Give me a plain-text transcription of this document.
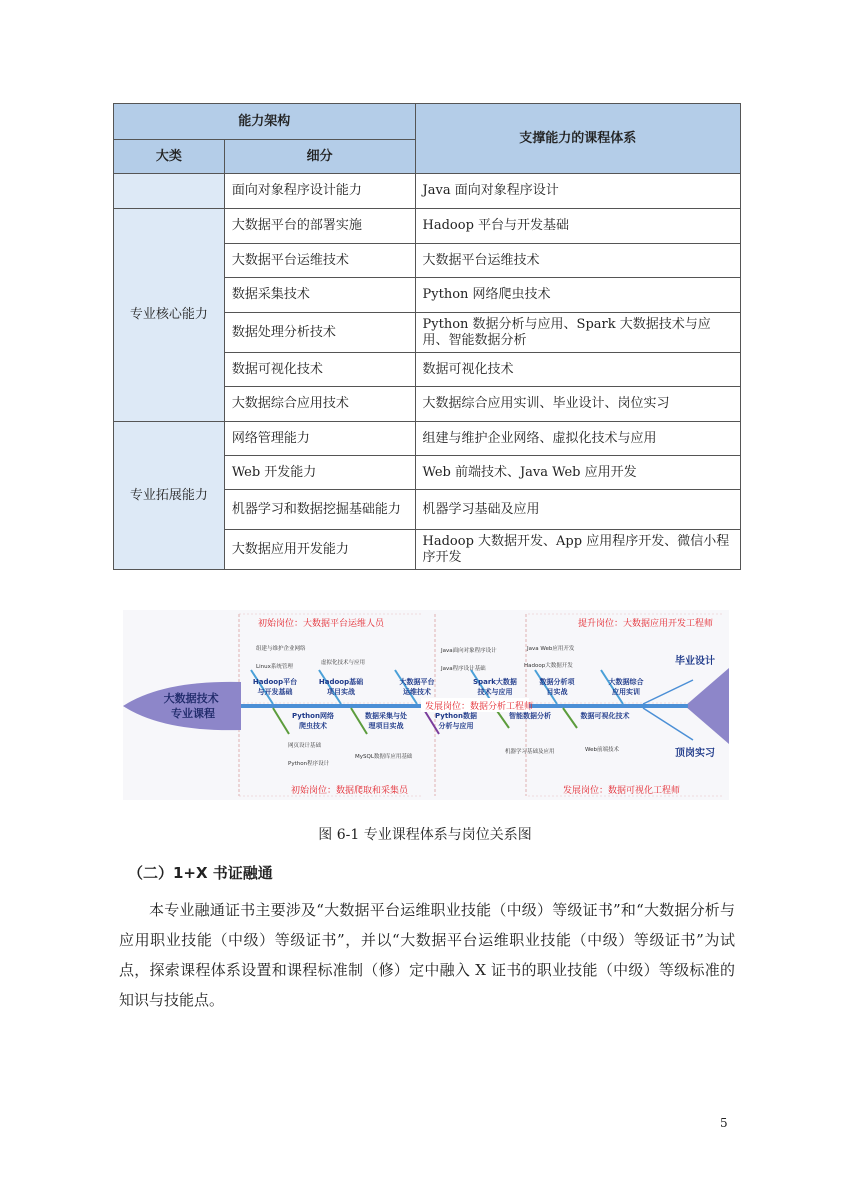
能力架构		支撑能力的课程体系
大类	细分	
	面向对象程序设计能力	Java 面向对象程序设计
专业核心能力	大数据平台的部署实施	Hadoop 平台与开发基础
	大数据平台运维技术	大数据平台运维技术
	数据采集技术	Python 网络爬虫技术
	数据处理分析技术	Python 数据分析与应用、Spark 大数据技术与应用、智能数据分析
	数据可视化技术	数据可视化技术
	大数据综合应用技术	大数据综合应用实训、毕业设计、岗位实习
专业拓展能力	网络管理能力	组建与维护企业网络、虚拟化技术与应用
	Web 开发能力	Web 前端技术、Java Web 应用开发
	机器学习和数据挖掘基础能力	机器学习基础及应用
	大数据应用开发能力	Hadoop 大数据开发、App 应用程序开发、微信小程序开发
大数据技术 专业课程
初始岗位：大数据平台运维人员	提升岗位：大数据应用开发工程师
发展岗位：数据分析工程师
初始岗位：数据爬取和采集员	发展岗位：数据可视化工程师
毕业设计
顶岗实习
组建与维护企业网络
Linux系统管理
虚拟化技术与应用
Java面向对象程序设计
Java程序设计基础
Java Web应用开发
Hadoop大数据开发
网页设计基础
Python程序设计
MySQL数据库应用基础
机器学习基础及应用	Web前端技术
Hadoop平台与开发基础
Hadoop基础项目实战
大数据平台运维技术
Spark大数据技术与应用
数据分析项目实战
大数据综合应用实训
Python网络爬虫技术
数据采集与处理项目实战
Python数据分析与应用
智能数据分析	数据可视化技术
图 6-1 专业课程体系与岗位关系图
（二）1+X 书证融通
本专业融通证书主要涉及“大数据平台运维职业技能（中级）等级证书”和“大数据分析与应用职业技能（中级）等级证书”，并以“大数据平台运维职业技能（中级）等级证书”为试点，探索课程体系设置和课程标准制（修）定中融入 X 证书的职业技能（中级）等级标准的知识与技能点。
5
